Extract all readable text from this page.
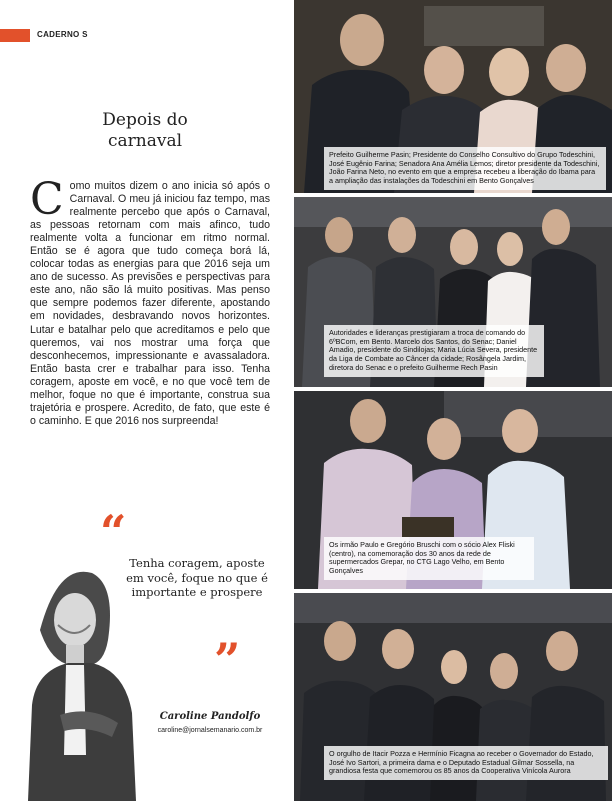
CADERNO S
Depois do
carnaval
Como muitos dizem o ano inicia só após o Carnaval. O meu já iniciou faz tempo, mas realmente percebo que após o Carnaval, as pessoas retornam com mais afinco, tudo realmente volta a funcionar em ritmo normal. Então se é agora que tudo começa borá lá, colocar todas as energias para que 2016 seja um ano de sucesso. As previsões e perspectivas para este ano, não são lá muito positivas. Mas penso que sempre podemos fazer diferente, apostando em novidades, desbravando novos horizontes. Lutar e batalhar pelo que acreditamos e pelo que queremos, vai nos mostrar uma força que desconhecemos, impressionante e avassaladora. Então basta crer e trabalhar para isso. Tenha coragem, aposte em você, e no que você tem de melhor, foque no que é importante, construa sua trajetória e prospere. Acredito, de fato, que este é o caminho. E que 2016 nos surpreenda!
“
Tenha coragem, aposte em você, foque no que é importante e prospere
”
Caroline Pandolfo
caroline@jornalsemanario.com.br
Prefeito Guilherme Pasin; Presidente do Conselho Consultivo do Grupo Todeschini, José Eugênio Farina; Senadora Ana Amélia Lemos; diretor presidente da Todeschini, João Farina Neto, no evento em que a empresa recebeu a liberação do Ibama para a ampliação das instalações da Todeschini em Bento Gonçalves
Autoridades e lideranças prestigiaram a troca de comando do 6ºBCom, em Bento. Marcelo dos Santos, do Senac; Daniel Amadio, presidente do Sindilojas; Maria Lúcia Severa, presidente da Liga de Combate ao Câncer da cidade; Rosângela Jardim, diretora do Senac e o prefeito Guilherme Rech Pasin
Os irmão Paulo e Gregório Bruschi com o sócio Alex Fliski (centro), na comemoração dos 30 anos da rede de supermercados Grepar, no CTG Lago Velho, em Bento Gonçalves
O orgulho de Itacir Pozza e Hermínio Ficagna ao receber o Governador do Estado, José Ivo Sartori, a primeira dama e o Deputado Estadual Gilmar Sossella, na grandiosa festa que comemorou os 85 anos da Cooperativa Vinícola Aurora
